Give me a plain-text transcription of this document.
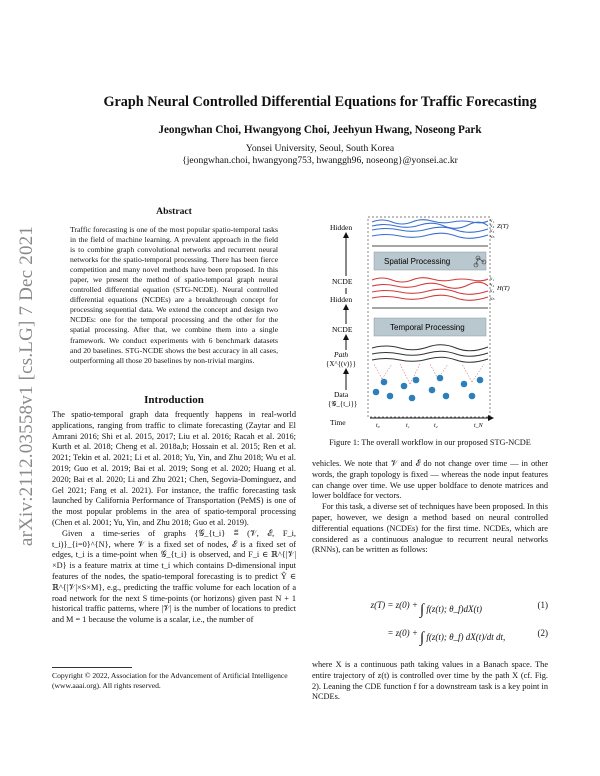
arXiv:2112.03558v1 [cs.LG] 7 Dec 2021
Graph Neural Controlled Differential Equations for Traffic Forecasting
Jeongwhan Choi, Hwangyong Choi, Jeehyun Hwang, Noseong Park
Yonsei University, Seoul, South Korea
{jeongwhan.choi, hwangyong753, hwanggh96, noseong}@yonsei.ac.kr
Abstract
Traffic forecasting is one of the most popular spatio-temporal tasks in the field of machine learning. A prevalent approach in the field is to combine graph convolutional networks and recurrent neural networks for the spatio-temporal processing. There has been fierce competition and many novel methods have been proposed. In this paper, we present the method of spatio-temporal graph neural controlled differential equation (STG-NCDE). Neural controlled differential equations (NCDEs) are a breakthrough concept for processing sequential data. We extend the concept and design two NCDEs: one for the temporal processing and the other for the spatial processing. After that, we combine them into a single framework. We conduct experiments with 6 benchmark datasets and 20 baselines. STG-NCDE shows the best accuracy in all cases, outperforming all those 20 baselines by non-trivial margins.
Introduction

The spatio-temporal graph data frequently happens in real-world applications, ranging from traffic to climate forecasting (Zaytar and El Amrani 2016; Shi et al. 2015, 2017; Liu et al. 2016; Racah et al. 2016; Kurth et al. 2018; Cheng et al. 2018a,b; Hossain et al. 2015; Ren et al. 2021; Tekin et al. 2021; Li et al. 2018; Yu, Yin, and Zhu 2018; Wu et al. 2019; Guo et al. 2019; Bai et al. 2019; Song et al. 2020; Huang et al. 2020; Bai et al. 2020; Li and Zhu 2021; Chen, Segovia-Dominguez, and Gel 2021; Fang et al. 2021). For instance, the traffic forecasting task launched by California Performance of Transportation (PeMS) is one of the most popular problems in the area of spatio-temporal processing (Chen et al. 2001; Yu, Yin, and Zhu 2018; Guo et al. 2019).

Given a time-series of graphs {𝒢_{t_i} ≝ (𝒱, ℰ, F_i, t_i)}_{i=0}^{N}, where 𝒱 is a fixed set of nodes, ℰ is a fixed set of edges, t_i is a time-point when 𝒢_{t_i} is observed, and F_i ∈ ℝ^{|𝒱|×D} is a feature matrix at time t_i which contains D-dimensional input features of the nodes, the spatio-temporal forecasting is to predict Ŷ ∈ ℝ^{|𝒱|×S×M}, e.g., predicting the traffic volume for each location of a road network for the next S time-points (or horizons) given past N + 1 historical traffic patterns, where |𝒱| is the number of locations to predict and M = 1 because the volume is a scalar, i.e., the number of

Copyright © 2022, Association for the Advancement of Artificial Intelligence (www.aaai.org). All rights reserved.
Hidden
NCDE
Hidden
NCDE
Path
{X^{(v)}}
Data
{𝒢_{t_i}}
Time
Z(T)
v₁
v₂
v₃
vₙ
Spatial Processing
H(T)
v₁
v₂
v₃
vₙ
Temporal Processing
t₀	t₁	t₂	t_N
Figure 1: The overall workflow in our proposed STG-NCDE

vehicles. We note that 𝒱 and ℰ do not change over time — in other words, the graph topology is fixed — whereas the node input features can change over time. We use upper boldface to denote matrices and lower boldface for vectors.

For this task, a diverse set of techniques have been proposed. In this paper, however, we design a method based on neural controlled differential equations (NCDEs) for the first time. NCDEs, which are considered as a continuous analogue to recurrent neural networks (RNNs), can be written as follows:

z(T) = z(0) + ∫ f(z(t); θ_f)dX(t)	(1)
= z(0) + ∫ f(z(t); θ_f) dX(t)/dt dt,	(2)

where X is a continuous path taking values in a Banach space. The entire trajectory of z(t) is controlled over time by the path X (cf. Fig. 2). Leaning the CDE function f for a downstream task is a key point in NCDEs.
